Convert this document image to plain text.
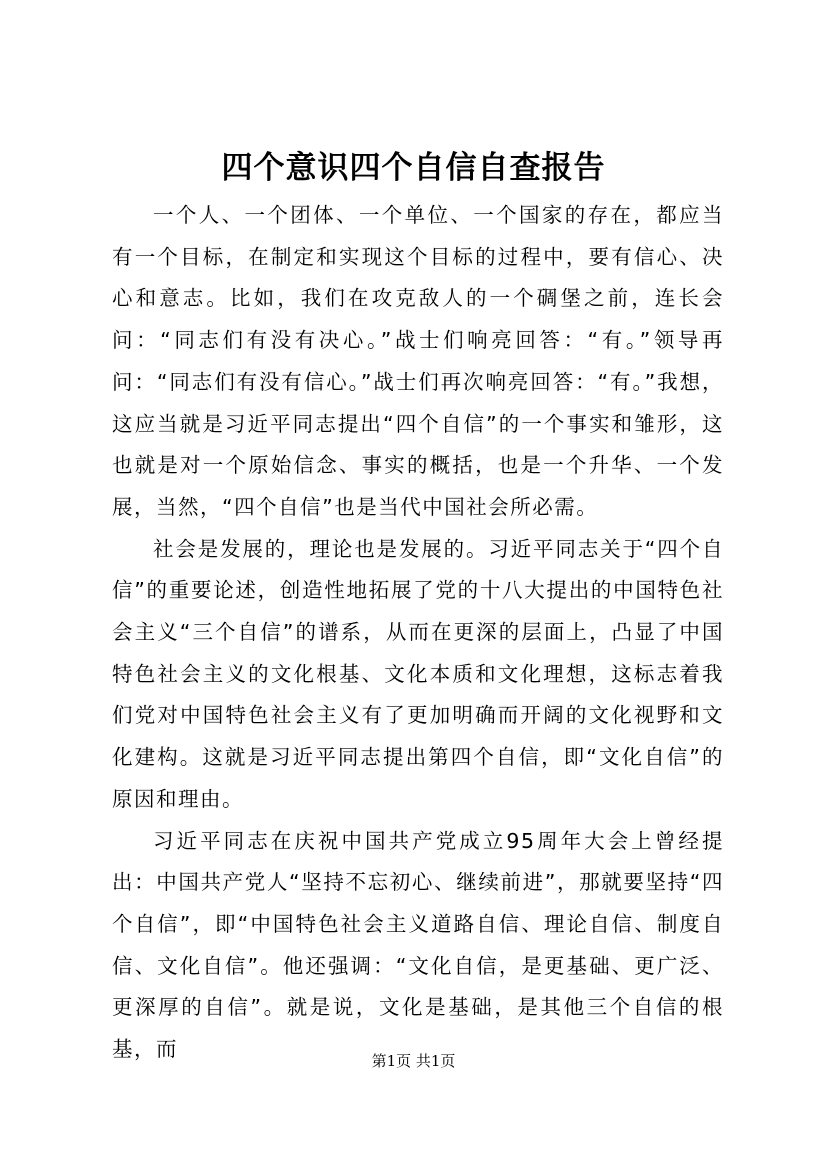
四个意识四个自信自查报告

一个人、一个团体、一个单位、一个国家的存在，都应当有一个目标，在制定和实现这个目标的过程中，要有信心、决心和意志。比如，我们在攻克敌人的一个碉堡之前，连长会问：“同志们有没有决心。”战士们响亮回答：“有。”领导再问：“同志们有没有信心。”战士们再次响亮回答：“有。”我想，这应当就是习近平同志提出“四个自信”的一个事实和雏形，这也就是对一个原始信念、事实的概括，也是一个升华、一个发展，当然，“四个自信”也是当代中国社会所必需。

社会是发展的，理论也是发展的。习近平同志关于“四个自信”的重要论述，创造性地拓展了党的十八大提出的中国特色社会主义“三个自信”的谱系，从而在更深的层面上，凸显了中国特色社会主义的文化根基、文化本质和文化理想，这标志着我们党对中国特色社会主义有了更加明确而开阔的文化视野和文化建构。这就是习近平同志提出第四个自信，即“文化自信”的原因和理由。

习近平同志在庆祝中国共产党成立95周年大会上曾经提出：中国共产党人“坚持不忘初心、继续前进”，那就要坚持“四个自信”，即“中国特色社会主义道路自信、理论自信、制度自信、文化自信”。他还强调：“文化自信，是更基础、更广泛、更深厚的自信”。就是说，文化是基础，是其他三个自信的根基，而	第1页 共1页
